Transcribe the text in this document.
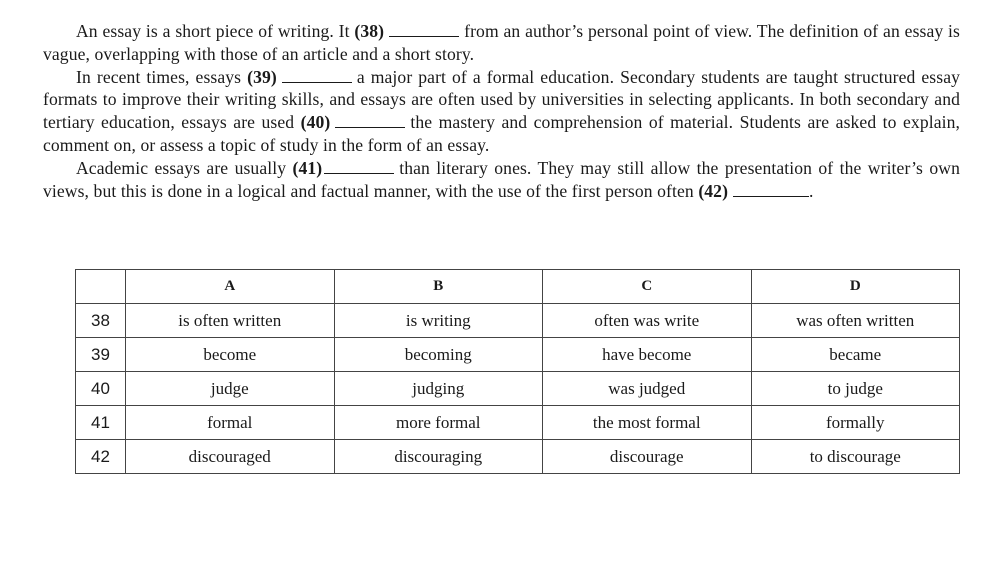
An essay is a short piece of writing. It (38)	from an author’s personal point of view. The definition of an essay is vague, overlapping with those of an article and a short story.

In recent times, essays (39)	a major part of a formal education. Secondary students are taught structured essay formats to improve their writing skills, and essays are often used by universities in selecting applicants. In both secondary and tertiary education, essays are used (40)	the mastery and comprehension of material. Students are asked to explain, comment on, or assess a topic of study in the form of an essay.

Academic essays are usually (41)	than literary ones. They may still allow the presentation of the writer’s own views, but this is done in a logical and factual manner, with the use of the first person often (42)	.

	A	B	C	D
38	is often written	is writing	often was write	was often written
39	become	becoming	have become	became
40	judge	judging	was judged	to judge
41	formal	more formal	the most formal	formally
42	discouraged	discouraging	discourage	to discourage
